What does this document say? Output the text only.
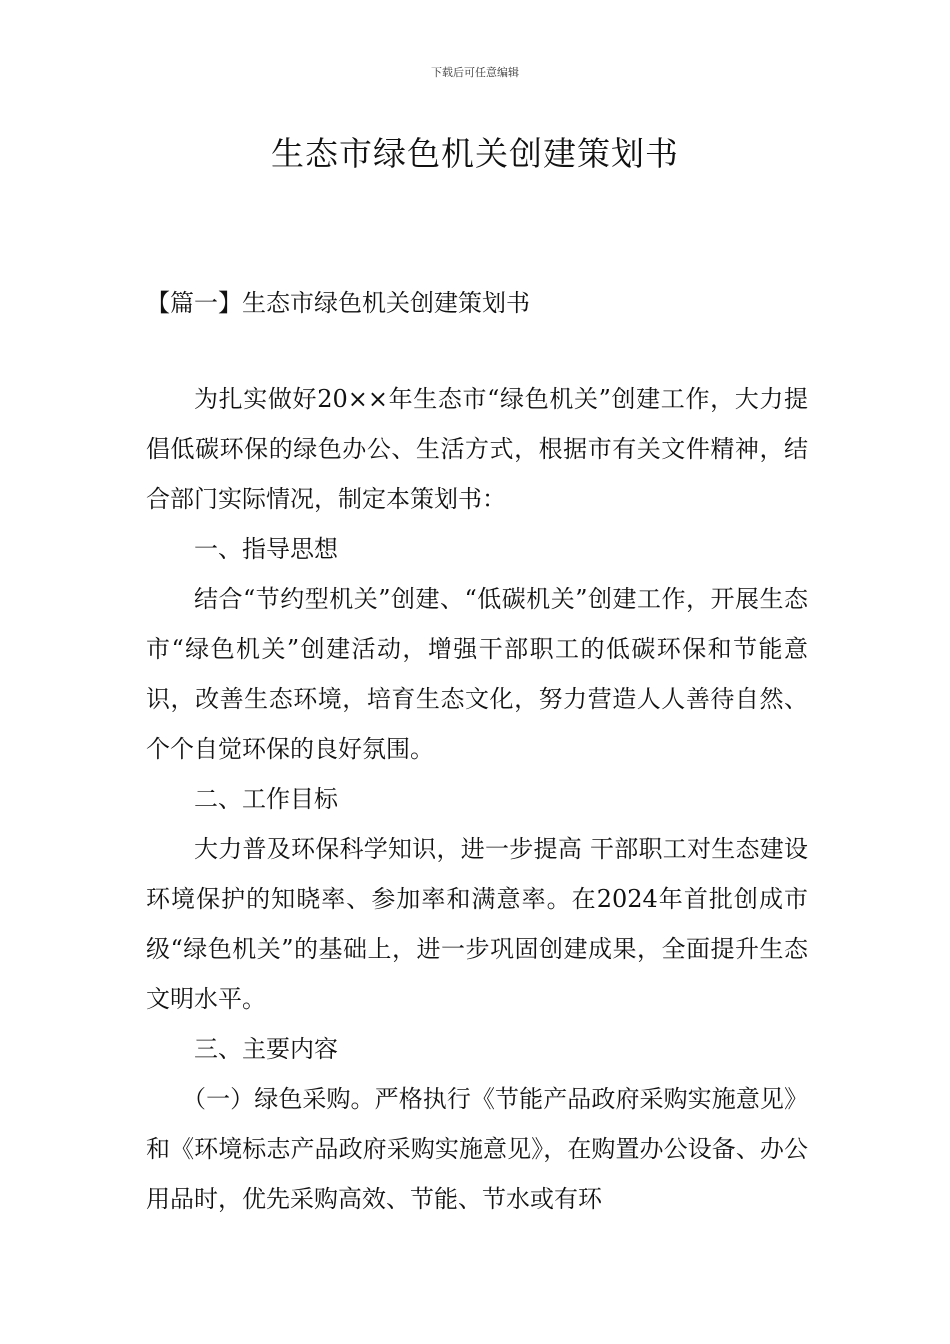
下载后可任意编辑
生态市绿色机关创建策划书
【篇一】生态市绿色机关创建策划书

为扎实做好20××年生态市“绿色机关”创建工作，大力提倡低碳环保的绿色办公、生活方式，根据市有关文件精神，结合部门实际情况，制定本策划书：

一、指导思想

结合“节约型机关”创建、“低碳机关”创建工作，开展生态市“绿色机关”创建活动，增强干部职工的低碳环保和节能意识，改善生态环境，培育生态文化，努力营造人人善待自然、个个自觉环保的良好氛围。

二、工作目标

大力普及环保科学知识，进一步提高 干部职工对生态建设环境保护的知晓率、参加率和满意率。在2024年首批创成市级“绿色机关”的基础上，进一步巩固创建成果，全面提升生态文明水平。

三、主要内容

（一）绿色采购。严格执行《节能产品政府采购实施意见》和《环境标志产品政府采购实施意见》，在购置办公设备、办公用品时，优先采购高效、节能、节水或有环
